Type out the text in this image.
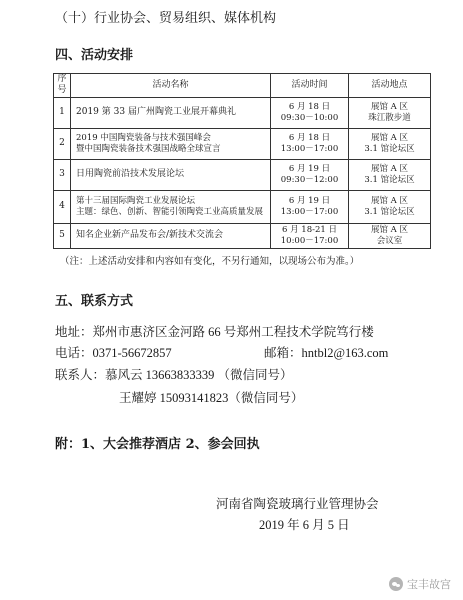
（十）行业协会、贸易组织、媒体机构
四、活动安排
序号	活动名称	活动时间	活动地点
1	2019 第 33 届广州陶瓷工业展开幕典礼	6 月 18 日
09:30－10:00	展馆 A 区
珠江散步道

2	2019 中国陶瓷装备与技术强国峰会
暨中国陶瓷装备技术强国战略全球宣言	6 月 18 日
13:00－17:00	展馆 A 区
3.1 馆论坛区

3	日用陶瓷前沿技术发展论坛	6 月 19 日
09:30－12:00	展馆 A 区
3.1 馆论坛区

4	第十三届国际陶瓷工业发展论坛
主题：绿色、创新、智能引领陶瓷工业高质量发展	6 月 19 日
13:00－17:00	展馆 A 区
3.1 馆论坛区

5	知名企业新产品发布会/新技术交流会	6 月 18-21 日
10:00－17:00	展馆 A 区
会议室
（注：上述活动安排和内容如有变化，不另行通知，以现场公布为准。）
五、联系方式
地址：郑州市惠济区金河路 66 号郑州工程技术学院笃行楼
电话：0371-56672857	邮箱：hntbl2@163.com
联系人：慕风云 13663833339 （微信同号）
王耀婷 15093141823（微信同号）
附：1、大会推荐酒店 2、参会回执
河南省陶瓷玻璃行业管理协会
2019 年 6 月 5 日
宝丰故宫
